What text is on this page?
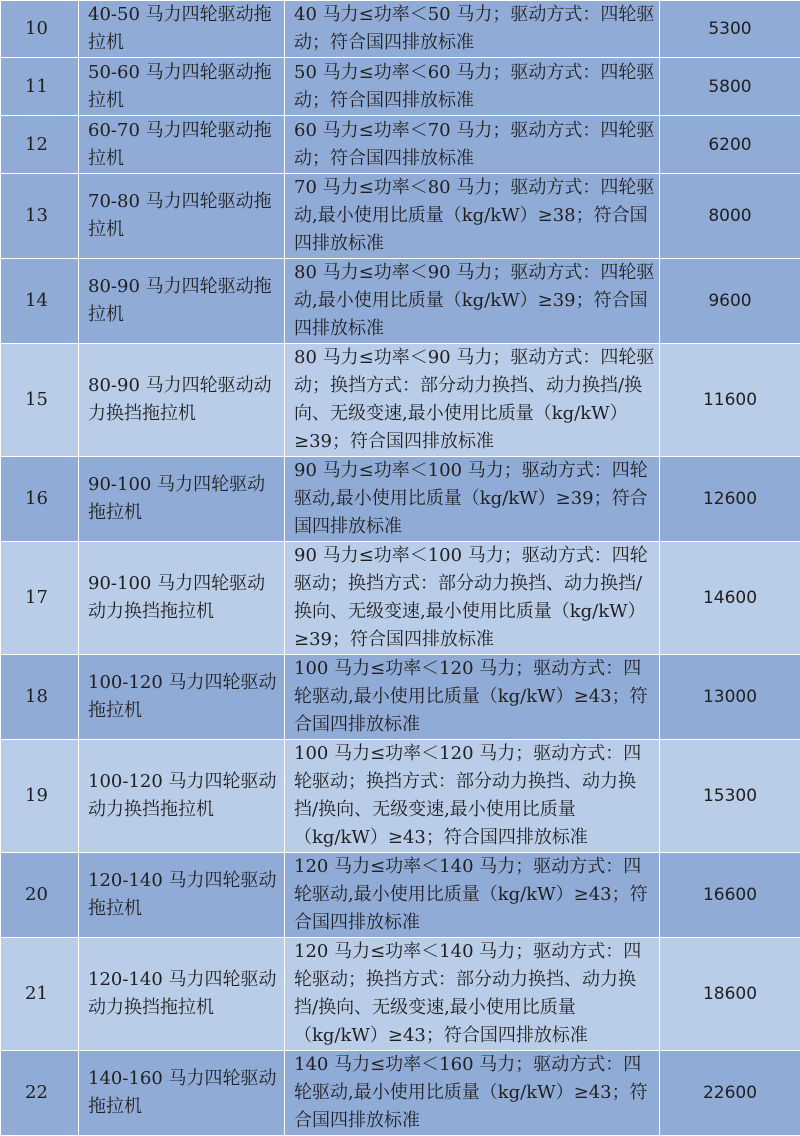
10	40-50 马力四轮驱动拖拉机	40 马力≤功率＜50 马力；驱动方式：四轮驱动；符合国四排放标准	5300
11	50-60 马力四轮驱动拖拉机	50 马力≤功率＜60 马力；驱动方式：四轮驱动；符合国四排放标准	5800
12	60-70 马力四轮驱动拖拉机	60 马力≤功率＜70 马力；驱动方式：四轮驱动；符合国四排放标准	6200
13	70-80 马力四轮驱动拖拉机	70 马力≤功率＜80 马力；驱动方式：四轮驱动,最小使用比质量（kg/kW）≥38；符合国四排放标准	8000
14	80-90 马力四轮驱动拖拉机	80 马力≤功率＜90 马力；驱动方式：四轮驱动,最小使用比质量（kg/kW）≥39；符合国四排放标准	9600
15	80-90 马力四轮驱动动力换挡拖拉机	80 马力≤功率＜90 马力；驱动方式：四轮驱动；换挡方式：部分动力换挡、动力换挡/换向、无级变速,最小使用比质量（kg/kW）≥39；符合国四排放标准	11600
16	90-100 马力四轮驱动拖拉机	90 马力≤功率＜100 马力；驱动方式：四轮驱动,最小使用比质量（kg/kW）≥39；符合国四排放标准	12600
17	90-100 马力四轮驱动动力换挡拖拉机	90 马力≤功率＜100 马力；驱动方式：四轮驱动；换挡方式：部分动力换挡、动力换挡/换向、无级变速,最小使用比质量（kg/kW）≥39；符合国四排放标准	14600
18	100-120 马力四轮驱动拖拉机	100 马力≤功率＜120 马力；驱动方式：四轮驱动,最小使用比质量（kg/kW）≥43；符合国四排放标准	13000
19	100-120 马力四轮驱动动力换挡拖拉机	100 马力≤功率＜120 马力；驱动方式：四轮驱动；换挡方式：部分动力换挡、动力换挡/换向、无级变速,最小使用比质量（kg/kW）≥43；符合国四排放标准	15300
20	120-140 马力四轮驱动拖拉机	120 马力≤功率＜140 马力；驱动方式：四轮驱动,最小使用比质量（kg/kW）≥43；符合国四排放标准	16600
21	120-140 马力四轮驱动动力换挡拖拉机	120 马力≤功率＜140 马力；驱动方式：四轮驱动；换挡方式：部分动力换挡、动力换挡/换向、无级变速,最小使用比质量（kg/kW）≥43；符合国四排放标准	18600
22	140-160 马力四轮驱动拖拉机	140 马力≤功率＜160 马力；驱动方式：四轮驱动,最小使用比质量（kg/kW）≥43；符合国四排放标准	22600
